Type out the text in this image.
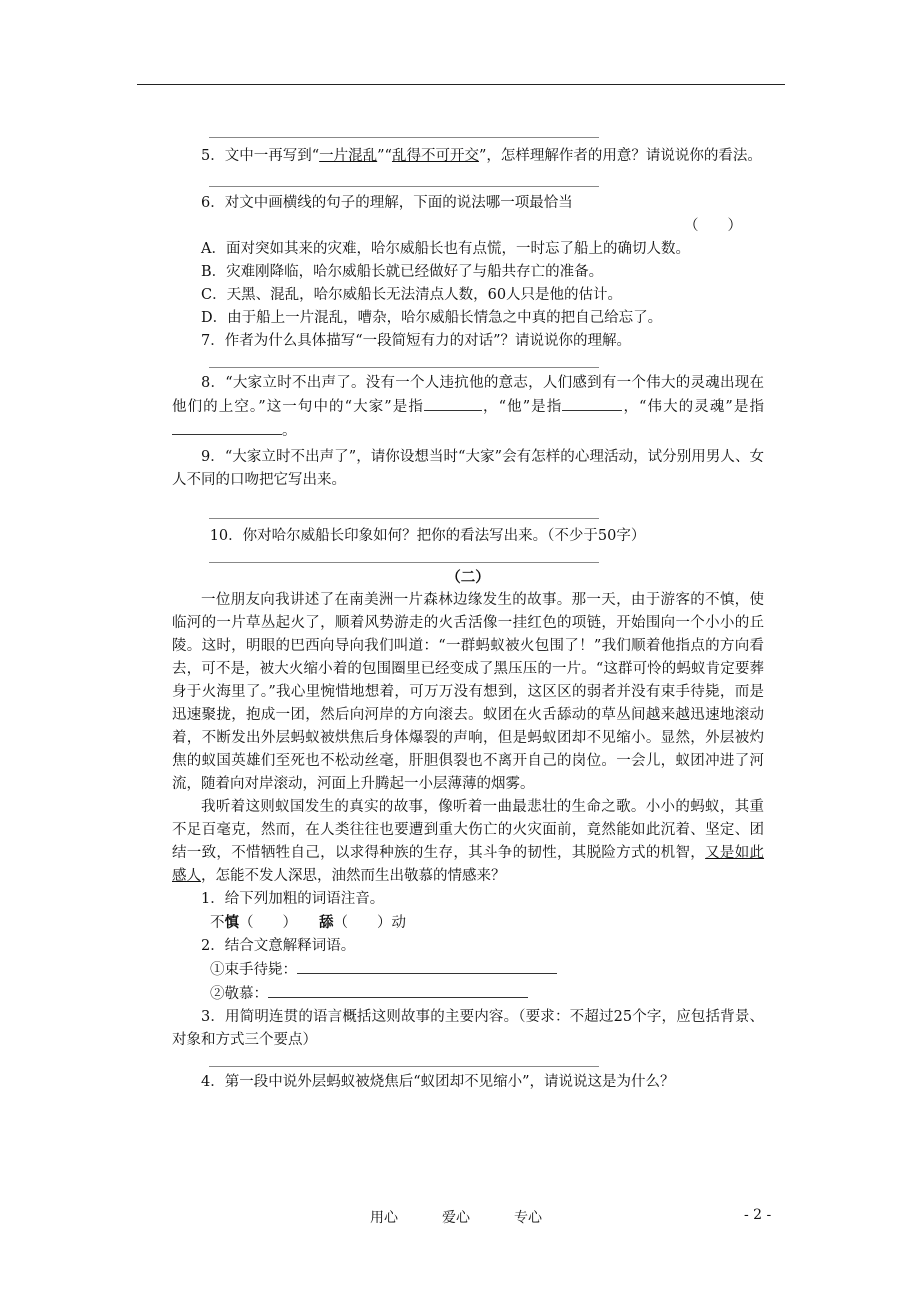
5．文中一再写到“一片混乱”“乱得不可开交”，怎样理解作者的用意？请说说你的看法。

6．对文中画横线的句子的理解，下面的说法哪一项最恰当

（　　）

A．面对突如其来的灾难，哈尔威船长也有点慌，一时忘了船上的确切人数。

B．灾难刚降临，哈尔威船长就已经做好了与船共存亡的准备。

C．天黑、混乱，哈尔威船长无法清点人数，60人只是他的估计。

D．由于船上一片混乱，嘈杂，哈尔威船长情急之中真的把自己给忘了。

7．作者为什么具体描写“一段简短有力的对话”？请说说你的理解。

8．“大家立时不出声了。没有一个人违抗他的意志，人们感到有一个伟大的灵魂出现在他们的上空。”这一句中的“大家”是指	，“他”是指	，“伟大的灵魂”是指。

9．“大家立时不出声了”，请你设想当时“大家”会有怎样的心理活动，试分别用男人、女人不同的口吻把它写出来。

10．你对哈尔威船长印象如何？把你的看法写出来。（不少于50字）

（二）

一位朋友向我讲述了在南美洲一片森林边缘发生的故事。那一天，由于游客的不慎，使临河的一片草丛起火了，顺着风势游走的火舌活像一挂红色的项链，开始围向一个小小的丘陵。这时，明眼的巴西向导向我们叫道：“一群蚂蚁被火包围了！”我们顺着他指点的方向看去，可不是，被大火缩小着的包围圈里已经变成了黑压压的一片。“这群可怜的蚂蚁肯定要葬身于火海里了。”我心里惋惜地想着，可万万没有想到，这区区的弱者并没有束手待毙，而是迅速聚拢，抱成一团，然后向河岸的方向滚去。蚁团在火舌舔动的草丛间越来越迅速地滚动着，不断发出外层蚂蚁被烘焦后身体爆裂的声响，但是蚂蚁团却不见缩小。显然，外层被灼焦的蚁国英雄们至死也不松动丝毫，肝胆俱裂也不离开自己的岗位。一会儿，蚁团冲进了河流，随着向对岸滚动，河面上升腾起一小层薄薄的烟雾。

我听着这则蚁国发生的真实的故事，像听着一曲最悲壮的生命之歌。小小的蚂蚁，其重不足百毫克，然而，在人类往往也要遭到重大伤亡的火灾面前，竟然能如此沉着、坚定、团结一致，不惜牺牲自己，以求得种族的生存，其斗争的韧性，其脱险方式的机智，又是如此感人，怎能不发人深思，油然而生出敬慕的情感来？

1．给下列加粗的词语注音。

不慎（　　） 舔（　　）动

2．结合文意解释词语。

①束手待毙：

②敬慕：

3．用简明连贯的语言概括这则故事的主要内容。（要求：不超过25个字，应包括背景、对象和方式三个要点）

4．第一段中说外层蚂蚁被烧焦后“蚁团却不见缩小”，请说说这是为什么？

用心	爱心	专心	- 2 -
